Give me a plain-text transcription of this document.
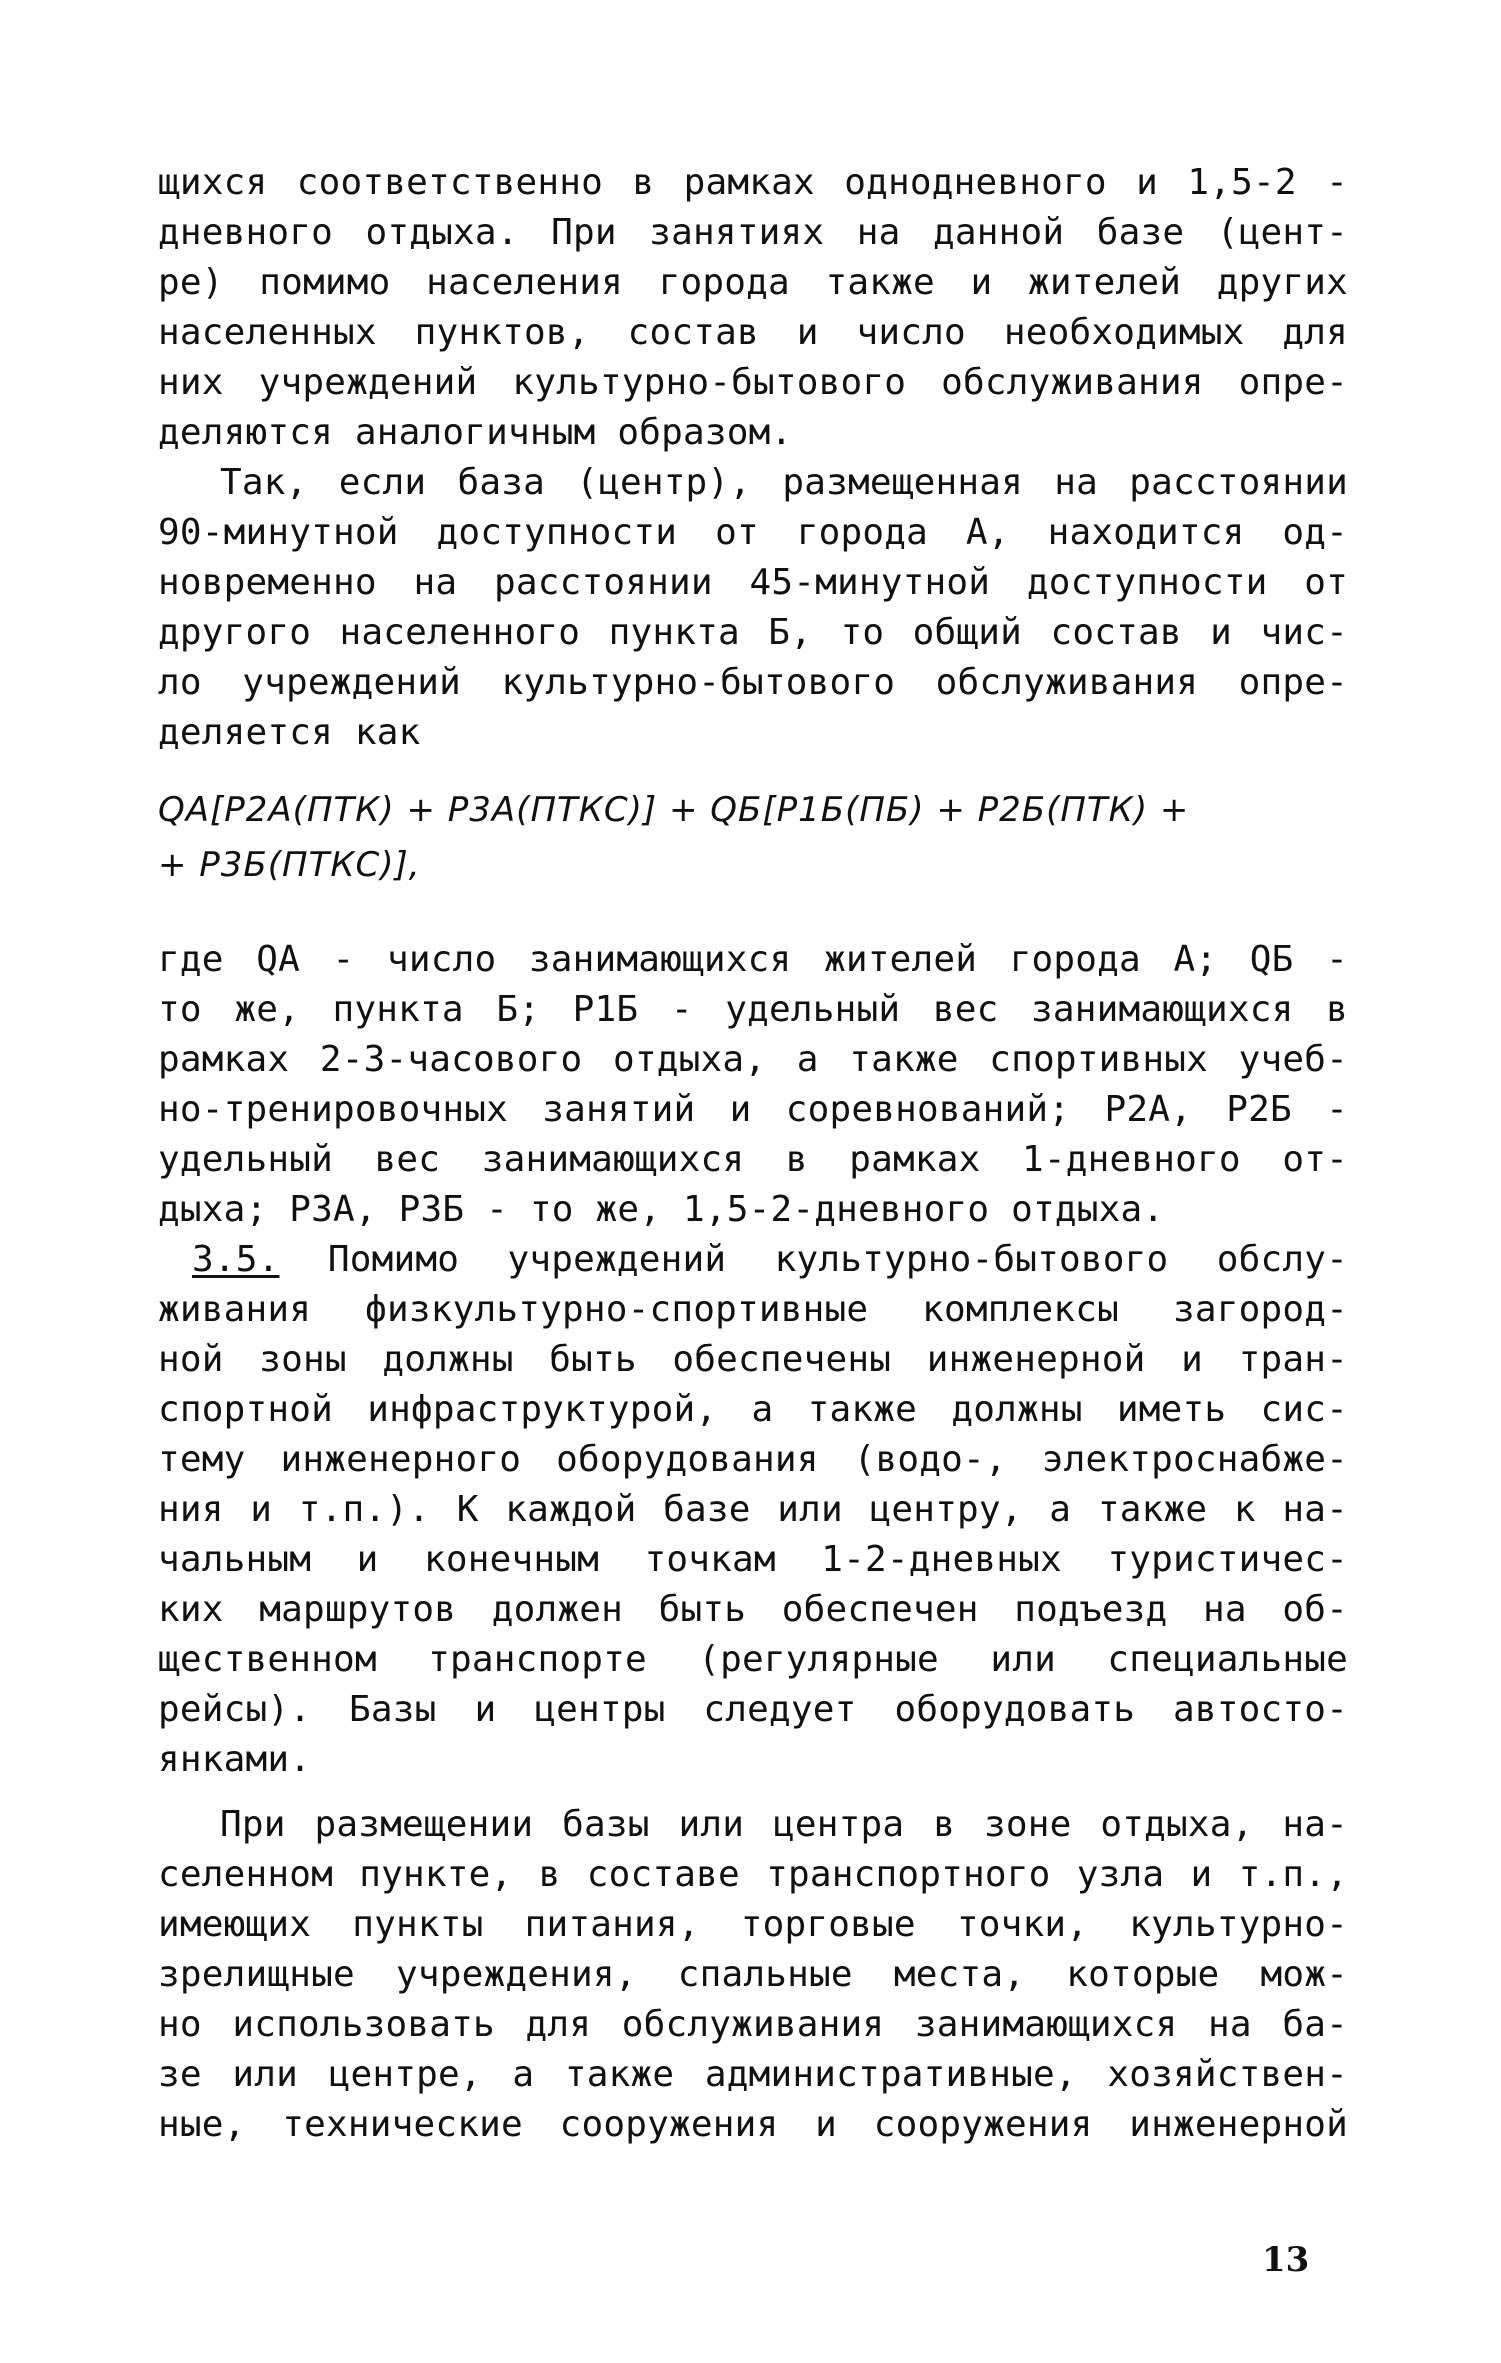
щихся соответственно в рамках однодневного и 1,5-2 -
дневного отдыха. При занятиях на данной базе (цент-
ре) помимо населения города также и жителей других
населенных пунктов, состав и число необходимых для
них учреждений культурно-бытового обслуживания опре-
деляются аналогичным образом.
Так, если база (центр), размещенная на расстоянии
90-минутной доступности от города А, находится од-
новременно на расстоянии 45-минутной доступности от
другого населенного пункта Б, то общий состав и чис-
ло учреждений культурно-бытового обслуживания опре-
деляется как
QА[P2А(ПТК) + P3А(ПТКС)] + QБ[P1Б(ПБ) + P2Б(ПТК) +
+ P3Б(ПТКС)],
где QА - число занимающихся жителей города А; QБ -
то же, пункта Б; P1Б - удельный вес занимающихся в
рамках 2-3-часового отдыха, а также спортивных учеб-
но-тренировочных занятий и соревнований; P2А, P2Б -
удельный вес занимающихся в рамках 1-дневного от-
дыха; P3А, P3Б - то же, 1,5-2-дневного отдыха.
3.5. Помимо учреждений культурно-бытового обслу-
живания физкультурно-спортивные комплексы загород-
ной зоны должны быть обеспечены инженерной и тран-
спортной инфраструктурой, а также должны иметь сис-
тему инженерного оборудования (водо-, электроснабже-
ния и т.п.). К каждой базе или центру, а также к на-
чальным и конечным точкам 1-2-дневных туристичес-
ких маршрутов должен быть обеспечен подъезд на об-
щественном транспорте (регулярные или специальные
рейсы). Базы и центры следует оборудовать автосто-
янками.
При размещении базы или центра в зоне отдыха, на-
селенном пункте, в составе транспортного узла и т.п.,
имеющих пункты питания, торговые точки, культурно-
зрелищные учреждения, спальные места, которые мож-
но использовать для обслуживания занимающихся на ба-
зе или центре, а также административные, хозяйствен-
ные, технические сооружения и сооружения инженерной
13
